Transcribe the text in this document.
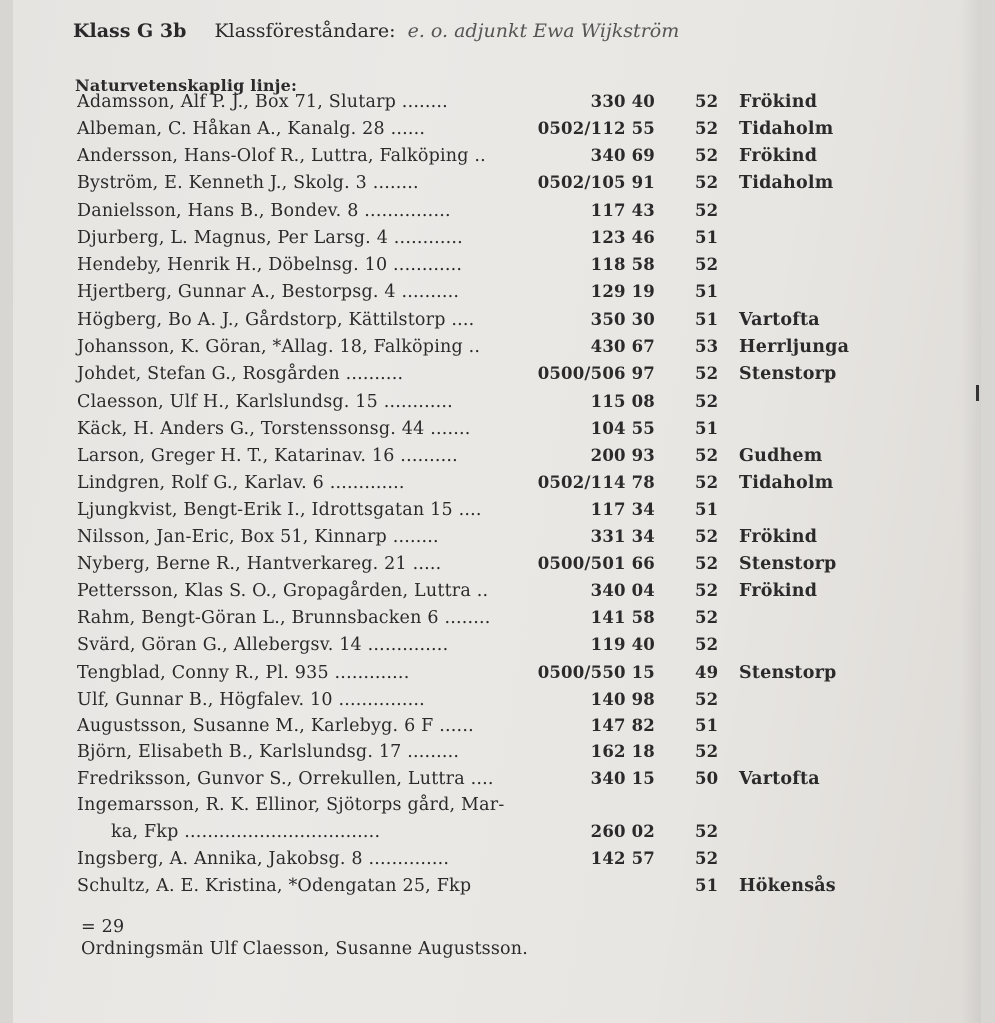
Klass G 3b Klassföreståndare: e. o. adjunkt Ewa Wijkström
Naturvetenskaplig linje:
Adamsson, Alf P. J., Box 71, Slutarp ........	330 40 52 Frökind
Albeman, C. Håkan A., Kanalg. 28 ......	0502/112 55 52 Tidaholm
Andersson, Hans-Olof R., Luttra, Falköping ..	340 69 52 Frökind
Byström, E. Kenneth J., Skolg. 3 ........	0502/105 91 52 Tidaholm
Danielsson, Hans B., Bondev. 8 ...............	117 43 52
Djurberg, L. Magnus, Per Larsg. 4 ............	123 46 51
Hendeby, Henrik H., Döbelnsg. 10 ............	118 58 52
Hjertberg, Gunnar A., Bestorpsg. 4 ..........	129 19 51
Högberg, Bo A. J., Gårdstorp, Kättilstorp ....	350 30 51 Vartofta
Johansson, K. Göran, *Allag. 18, Falköping ..	430 67 53 Herrljunga
Johdet, Stefan G., Rosgården ..........	0500/506 97 52 Stenstorp
Claesson, Ulf H., Karlslundsg. 15 ............	115 08 52
Käck, H. Anders G., Torstenssonsg. 44 .......	104 55 51
Larson, Greger H. T., Katarinav. 16 ..........	200 93 52 Gudhem
Lindgren, Rolf G., Karlav. 6 .............	0502/114 78 52 Tidaholm
Ljungkvist, Bengt-Erik I., Idrottsgatan 15 ....	117 34 51
Nilsson, Jan-Eric, Box 51, Kinnarp ........	331 34 52 Frökind
Nyberg, Berne R., Hantverkareg. 21 .....	0500/501 66 52 Stenstorp
Pettersson, Klas S. O., Gropagården, Luttra ..	340 04 52 Frökind
Rahm, Bengt-Göran L., Brunnsbacken 6 ........	141 58 52
Svärd, Göran G., Allebergsv. 14 ..............	119 40 52
Tengblad, Conny R., Pl. 935 .............	0500/550 15 49 Stenstorp
Ulf, Gunnar B., Högfalev. 10 ...............	140 98 52
Augustsson, Susanne M., Karlebyg. 6 F ......	147 82 51
Björn, Elisabeth B., Karlslundsg. 17 .........	162 18 52
Fredriksson, Gunvor S., Orrekullen, Luttra ....	340 15 50 Vartofta
Ingemarsson, R. K. Ellinor, Sjötorps gård, Mar-
ka, Fkp ..................................	260 02 52
Ingsberg, A. Annika, Jakobsg. 8 ..............	142 57 52
Schultz, A. E. Kristina, *Odengatan 25, Fkp	51 Hökensås
= 29
Ordningsmän Ulf Claesson, Susanne Augustsson.
